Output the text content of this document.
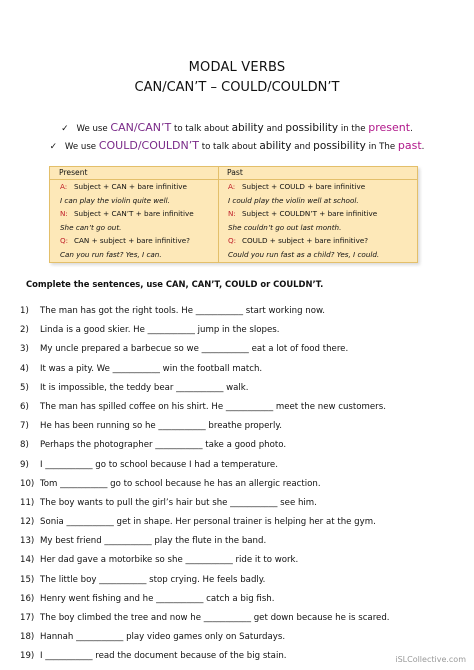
MODAL VERBS
CAN/CAN’T – COULD/COULDN’T
✓ We use CAN/CAN’T to talk about ability and possibility in the present.
✓ We use COULD/COULDN’T to talk about ability and possibility in The past.
Present
A: Subject + CAN + bare infinitive
I can play the violin quite well.
N: Subject + CAN’T + bare infinitive
She can’t go out.
Q: CAN + subject + bare infinitive?
Can you run fast? Yes, I can.
Past
A: Subject + COULD + bare infinitive
I could play the violin well at school.
N: Subject + COULDN’T + bare infinitive
She couldn’t go out last month.
Q: COULD + subject + bare infinitive?
Could you run fast as a child? Yes, I could.
Complete the sentences, use CAN, CAN’T, COULD or COULDN’T.
1) The man has got the right tools. He ___________ start working now.
2) Linda is a good skier. He ___________ jump in the slopes.
3) My uncle prepared a barbecue so we ___________ eat a lot of food there.
4) It was a pity. We ___________ win the football match.
5) It is impossible, the teddy bear ___________ walk.
6) The man has spilled coffee on his shirt. He ___________ meet the new customers.
7) He has been running so he ___________ breathe properly.
8) Perhaps the photographer ___________ take a good photo.
9) I ___________ go to school because I had a temperature.
10) Tom ___________ go to school because he has an allergic reaction.
11) The boy wants to pull the girl’s hair but she ___________ see him.
12) Sonia ___________ get in shape. Her personal trainer is helping her at the gym.
13) My best friend ___________ play the flute in the band.
14) Her dad gave a motorbike so she ___________ ride it to work.
15) The little boy ___________ stop crying. He feels badly.
16) Henry went fishing and he ___________ catch a big fish.
17) The boy climbed the tree and now he ___________ get down because he is scared.
18) Hannah ___________ play video games only on Saturdays.
19) I ___________ read the document because of the big stain.	iSLCollective.com
